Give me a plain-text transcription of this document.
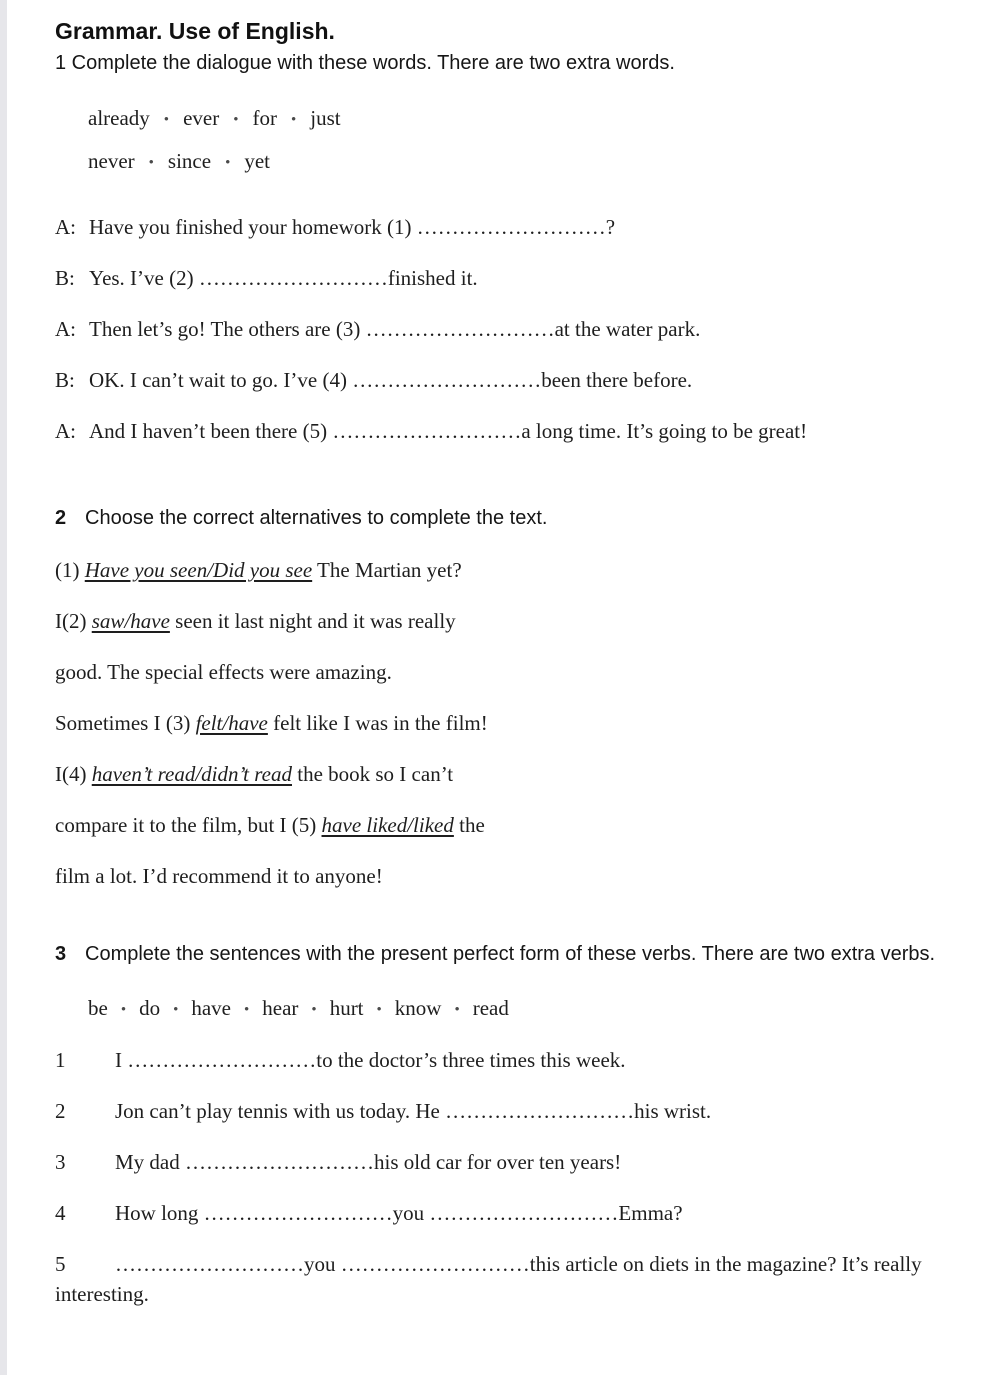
Grammar. Use of English.
1 Complete the dialogue with these words. There are two extra words.
already • ever • for • just
never • since • yet
A: Have you finished your homework (1) ………………………?
B: Yes. I’ve (2) ………………………finished it.
A: Then let’s go! The others are (3) ………………………at the water park.
B: OK. I can’t wait to go. I’ve (4) ………………………been there before.
A: And I haven’t been there (5) ………………………a long time. It’s going to be great!
2 Choose the correct alternatives to complete the text.
(1) Have you seen/Did you see The Martian yet?
I(2) saw/have seen it last night and it was really
good. The special effects were amazing.
Sometimes I (3) felt/have felt like I was in the film!
I(4) haven’t read/didn’t read the book so I can’t
compare it to the film, but I (5) have liked/liked the
film a lot. I’d recommend it to anyone!
3 Complete the sentences with the present perfect form of these verbs. There are two extra verbs.
be • do • have • hear • hurt • know • read
1 I ………………………to the doctor’s three times this week.
2 Jon can’t play tennis with us today. He ………………………his wrist.
3 My dad ………………………his old car for over ten years!
4 How long ………………………you ………………………Emma?
5 ………………………you ………………………this article on diets in the magazine? It’s really interesting.
